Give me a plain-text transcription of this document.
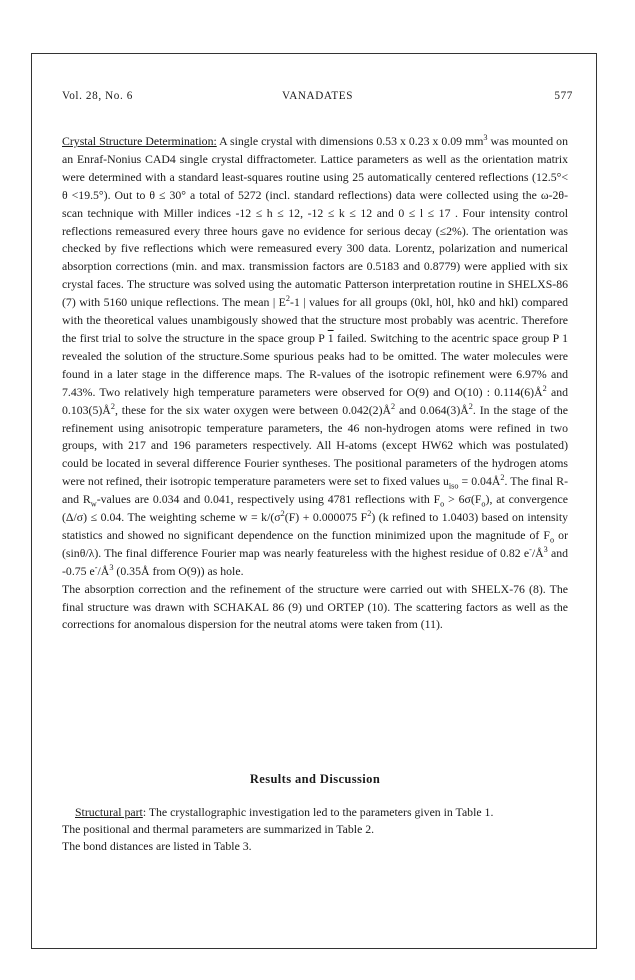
Vol. 28, No. 6	VANADATES	577

Crystal Structure Determination: A single crystal with dimensions 0.53 x 0.23 x 0.09 $mm^3$ was mounted on an Enraf-Nonius CAD4 single crystal diffractometer. Lattice parameters as well as the orientation matrix were determined with a standard least-squares routine using 25 automatically centered reflections (12.5°< θ <19.5°). Out to θ ≤ 30° a total of 5272 (incl. standard reflections) data were collected using the ω-2θ-scan technique with Miller indices -12 ≤ h ≤ 12, -12 ≤ k ≤ 12 and 0 ≤ l ≤ 17 . Four intensity control reflections remeasured every three hours gave no evidence for serious decay (≤2%). The orientation was checked by five reflections which were remeasured every 300 data. Lorentz, polarization and numerical absorption corrections (min. and max. transmission factors are 0.5183 and 0.8779) were applied with six crystal faces. The structure was solved using the automatic Patterson interpretation routine in SHELXS-86 (7) with 5160 unique reflections. The mean | $E^2-1$ | values for all groups (0kl, h0l, hk0 and hkl) compared with the theoretical values unambigously showed that the structure most probably was acentric. Therefore the first trial to solve the structure in the space group P 1 failed. Switching to the acentric space group P 1 revealed the solution of the structure.Some spurious peaks had to be omitted. The water molecules were found in a later stage in the difference maps. The R-values of the isotropic refinement were 6.97% and 7.43%. Two relatively high temperature parameters were observed for O(9) and O(10) : $0.114(6)Å^2$ and $0.103(5)Å^2$, these for the six water oxygen were between $0.042(2)Å^2$ and $0.064(3)Å^2$. In the stage of the refinement using anisotropic temperature parameters, the 46 non-hydrogen atoms were refined in two groups, with 217 and 196 parameters respectively. All H-atoms (except HW62 which was postulated) could be located in several difference Fourier syntheses. The positional parameters of the hydrogen atoms were not refined, their isotropic temperature parameters were set to fixed values $u_{iso}$ = $0.04Å^2$. The final R- and $R_w$-values are 0.034 and 0.041, respectively using 4781 reflections with $F_o > 6\sigma(F_o)$, at convergence (Δ/σ) ≤ 0.04. The weighting scheme $w = k/(\sigma^2(F) + 0.000075$ $F^2$) (k refined to 1.0403) based on intensity statistics and showed no significant dependence on the function minimized upon the magnitude of $F_o$ or (sinθ/λ). The final difference Fourier map was nearly featureless with the highest residue of 0.82 $e^-/Å^3$ and -0.75 $e^-/Å^3$ (0.35Å from O(9)) as hole.

The absorption correction and the refinement of the structure were carried out with SHELX-76 (8). The final structure was drawn with SCHAKAL 86 (9) und ORTEP (10). The scattering factors as well as the corrections for anomalous dispersion for the neutral atoms were taken from (11).

Results and Discussion

Structural part: The crystallographic investigation led to the parameters given in Table 1.

The positional and thermal parameters are summarized in Table 2.

The bond distances are listed in Table 3.
